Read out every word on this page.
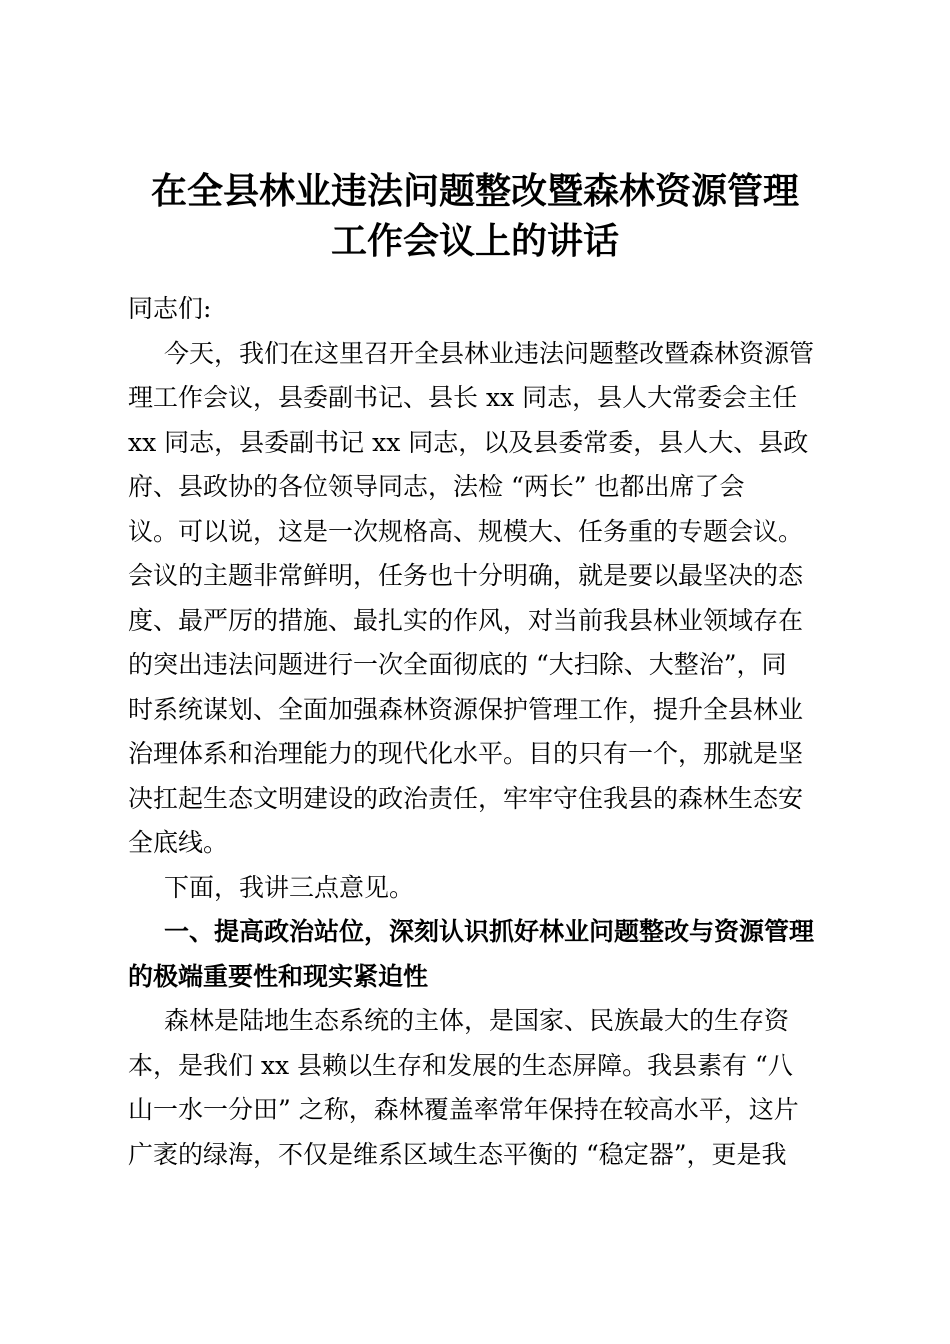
在全县林业违法问题整改暨森林资源管理
工作会议上的讲话
同志们:

今天，我们在这里召开全县林业违法问题整改暨森林资源管
理工作会议，县委副书记、县长 xx 同志，县人大常委会主任
xx 同志，县委副书记 xx 同志，以及县委常委，县人大、县政
府、县政协的各位领导同志，法检 “两长” 也都出席了会
议。可以说，这是一次规格高、规模大、任务重的专题会议。
会议的主题非常鲜明，任务也十分明确，就是要以最坚决的态
度、最严厉的措施、最扎实的作风，对当前我县林业领域存在
的突出违法问题进行一次全面彻底的 “大扫除、大整治”，同
时系统谋划、全面加强森林资源保护管理工作，提升全县林业
治理体系和治理能力的现代化水平。目的只有一个，那就是坚
决扛起生态文明建设的政治责任，牢牢守住我县的森林生态安
全底线。

下面，我讲三点意见。

一、提高政治站位，深刻认识抓好林业问题整改与资源管理
的极端重要性和现实紧迫性

森林是陆地生态系统的主体，是国家、民族最大的生存资
本，是我们 xx 县赖以生存和发展的生态屏障。我县素有 “八
山一水一分田” 之称，森林覆盖率常年保持在较高水平，这片
广袤的绿海，不仅是维系区域生态平衡的 “稳定器”，更是我
